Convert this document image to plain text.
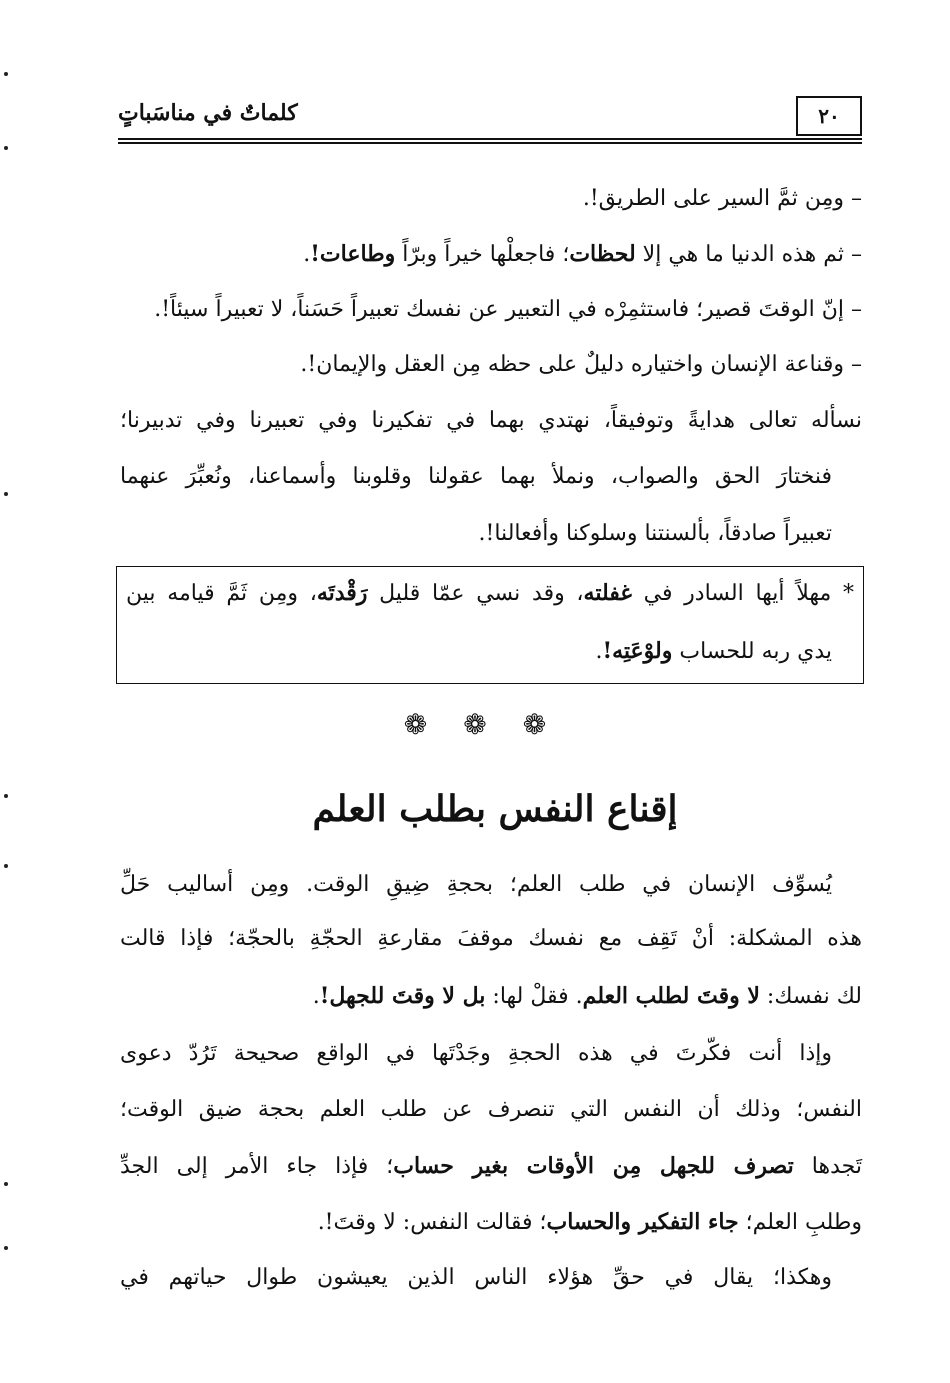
كلماتٌ في مناسَباتٍ	٢٠
– ومِن ثمَّ السير على الطريق!.
– ثم هذه الدنيا ما هي إلا لحظات؛ فاجعلْها خيراً وبرّاً وطاعات!.
– إنّ الوقتَ قصير؛ فاستثمِرْه في التعبير عن نفسك تعبيراً حَسَناً، لا تعبيراً سيئاً!.
– وقناعة الإنسان واختياره دليلٌ على حظه مِن العقل والإيمان!.
نسأله تعالى هدايةً وتوفيقاً، نهتدي بهما في تفكيرنا وفي تعبيرنا وفي تدبيرنا؛
فنختارَ الحق والصواب، ونملأ بهما عقولنا وقلوبنا وأسماعنا، ونُعبِّرَ عنهما
تعبيراً صادقاً، بألسنتنا وسلوكنا وأفعالنا!.
* مهلاً أيها السادر في غفلته، وقد نسي عمّا قليل رَقْدتَه، ومِن ثَمَّ قيامه بين
يدي ربه للحساب ولوْعَتِه!.
❁ ❁ ❁
إقناع النفس بطلب العلم
يُسوِّف الإنسان في طلب العلم؛ بحجةِ ضِيقِ الوقت. ومِن أساليب حَلِّ
هذه المشكلة: أنْ تَقِف مع نفسك موقفَ مقارعةِ الحجّةِ بالحجّة؛ فإذا قالت
لك نفسك: لا وقتَ لطلب العلم. فقلْ لها: بل لا وقتَ للجهل!.
وإذا أنت فكّرتَ في هذه الحجةِ وجَدْتَها في الواقع صحيحة تَرُدّ دعوى
النفس؛ وذلك أن النفس التي تنصرف عن طلب العلم بحجة ضيق الوقت؛
تَجدها تصرف للجهل مِن الأوقات بغير حساب؛ فإذا جاء الأمر إلى الجدِّ
وطلبِ العلم؛ جاء التفكير والحساب؛ فقالت النفس: لا وقتَ!.
وهكذا؛ يقال في حقِّ هؤلاء الناس الذين يعيشون طوال حياتهم في
